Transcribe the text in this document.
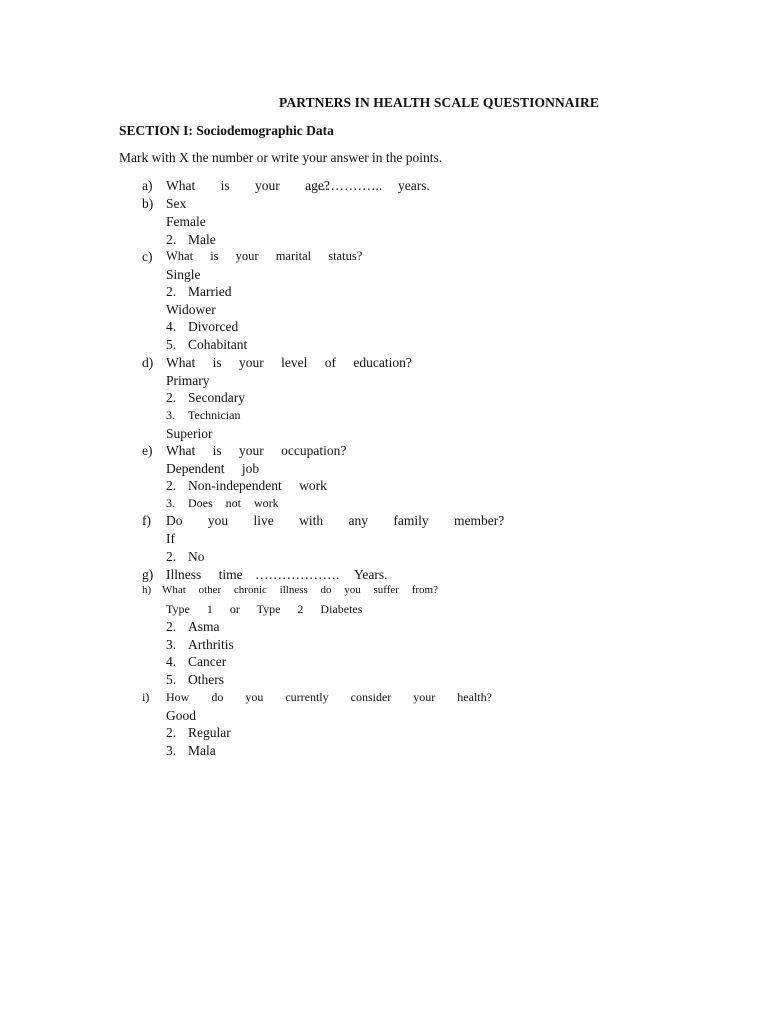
PARTNERS IN HEALTH SCALE QUESTIONNAIRE
SECTION I: Sociodemographic Data
Mark with X the number or write your answer in the points.
a)	What is your age?
…………….. years.
b) Sex
Female
2. Male
c)	What is your marital status?
Single
2. Married
Widower
4. Divorced
5. Cohabitant
d) What is your level of education?
Primary
2. Secondary
3. Technician
Superior
e)	What is your occupation?
Dependent job
2. Non-independent work
3. Does not work
f)	Do you live with any family member?
If
2. No
g) Illness time ………………. Years.
h) What other chronic illness do you suffer from?
Type 1 or Type 2 Diabetes
2. Asma
3. Arthritis
4. Cancer
5. Others
i)	How do you currently consider your health?
Good
2. Regular
3. Mala
